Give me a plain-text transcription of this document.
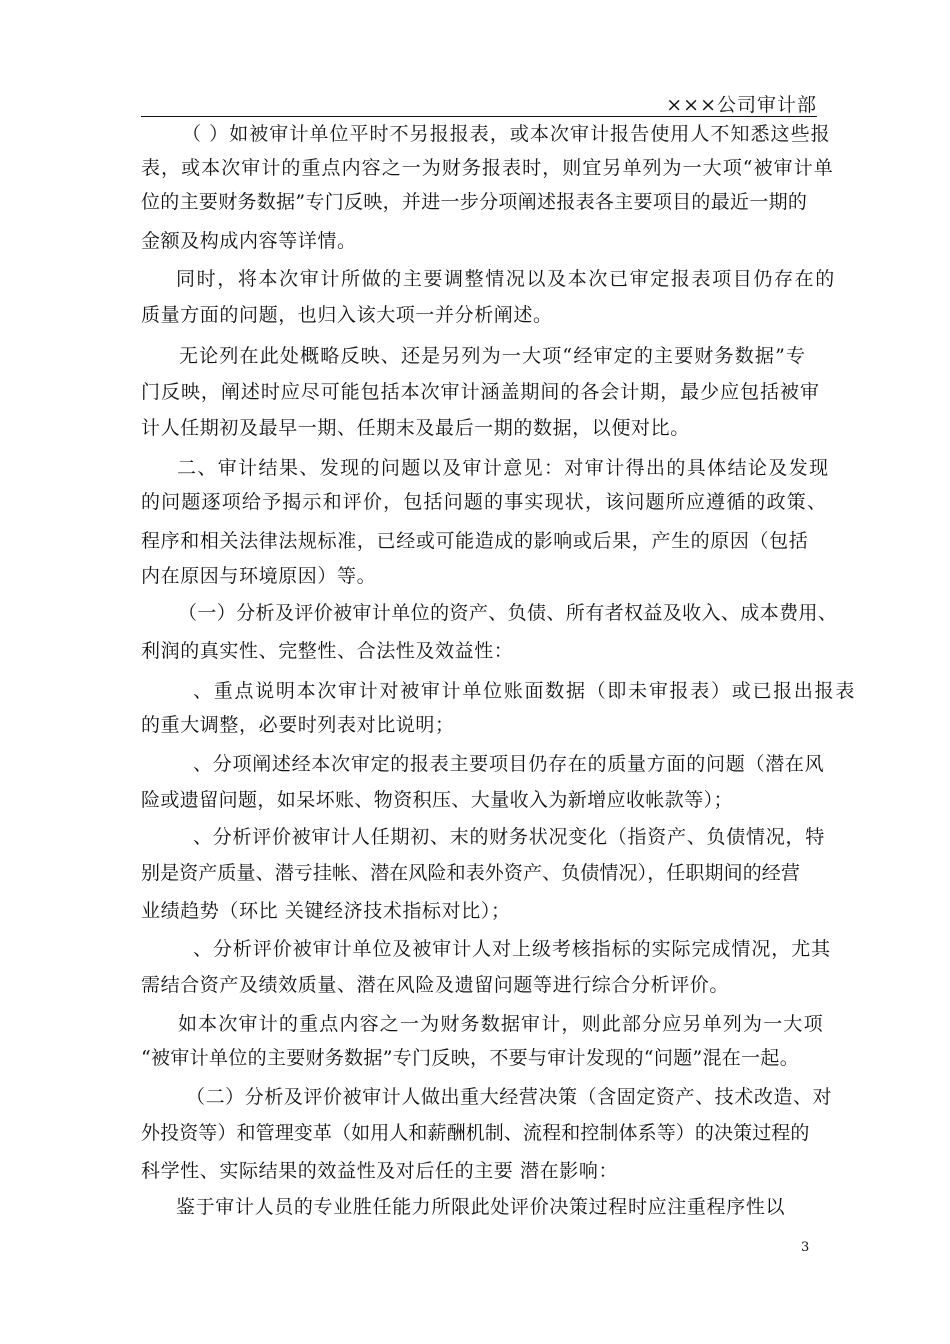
×××公司审计部
（ ）如被审计单位平时不另报报表，或本次审计报告使用人不知悉这些报
表，或本次审计的重点内容之一为财务报表时，则宜另单列为一大项“被审计单
位的主要财务数据”专门反映，并进一步分项阐述报表各主要项目的最近一期的
金额及构成内容等详情。
同时，将本次审计所做的主要调整情况以及本次已审定报表项目仍存在的
质量方面的问题，也归入该大项一并分析阐述。
无论列在此处概略反映、还是另列为一大项“经审定的主要财务数据”专
门反映，阐述时应尽可能包括本次审计涵盖期间的各会计期，最少应包括被审
计人任期初及最早一期、任期末及最后一期的数据，以便对比。
二、审计结果、发现的问题以及审计意见：对审计得出的具体结论及发现
的问题逐项给予揭示和评价，包括问题的事实现状，该问题所应遵循的政策、
程序和相关法律法规标准，已经或可能造成的影响或后果，产生的原因（包括
内在原因与环境原因）等。
（一）分析及评价被审计单位的资产、负债、所有者权益及收入、成本费用、
利润的真实性、完整性、合法性及效益性：
、重点说明本次审计对被审计单位账面数据（即未审报表）或已报出报表
的重大调整，必要时列表对比说明；
、分项阐述经本次审定的报表主要项目仍存在的质量方面的问题（潜在风
险或遗留问题，如呆坏账、物资积压、大量收入为新增应收帐款等）；
、分析评价被审计人任期初、末的财务状况变化（指资产、负债情况，特
别是资产质量、潜亏挂帐、潜在风险和表外资产、负债情况），任职期间的经营
业绩趋势（环比 关键经济技术指标对比）；
、分析评价被审计单位及被审计人对上级考核指标的实际完成情况，尤其
需结合资产及绩效质量、潜在风险及遗留问题等进行综合分析评价。
如本次审计的重点内容之一为财务数据审计，则此部分应另单列为一大项
“被审计单位的主要财务数据”专门反映，不要与审计发现的“问题”混在一起。
（二）分析及评价被审计人做出重大经营决策（含固定资产、技术改造、对
外投资等）和管理变革（如用人和薪酬机制、流程和控制体系等）的决策过程的
科学性、实际结果的效益性及对后任的主要 潜在影响：
鉴于审计人员的专业胜任能力所限此处评价决策过程时应注重程序性以
3
